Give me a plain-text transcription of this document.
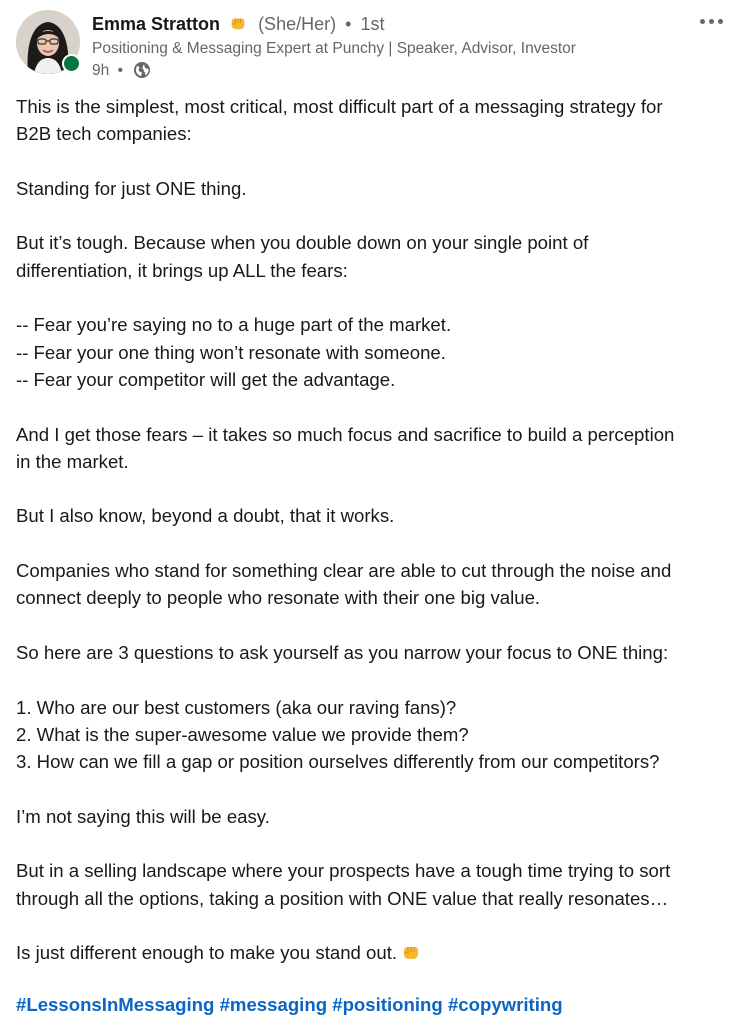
Emma Stratton (She/Her) • 1st
Positioning & Messaging Expert at Punchy | Speaker, Advisor, Investor
9h •

This is the simplest, most critical, most difficult part of a messaging strategy for

B2B tech companies:

Standing for just ONE thing.

But it’s tough. Because when you double down on your single point of

differentiation, it brings up ALL the fears:

-- Fear you’re saying no to a huge part of the market.

-- Fear your one thing won’t resonate with someone.

-- Fear your competitor will get the advantage.

And I get those fears – it takes so much focus and sacrifice to build a perception

in the market.

But I also know, beyond a doubt, that it works.

Companies who stand for something clear are able to cut through the noise and

connect deeply to people who resonate with their one big value.

So here are 3 questions to ask yourself as you narrow your focus to ONE thing:

1. Who are our best customers (aka our raving fans)?

2. What is the super-awesome value we provide them?

3. How can we fill a gap or position ourselves differently from our competitors?

I’m not saying this will be easy.

But in a selling landscape where your prospects have a tough time trying to sort

through all the options, taking a position with ONE value that really resonates…

Is just different enough to make you stand out.

#LessonsInMessaging #messaging #positioning #copywriting
